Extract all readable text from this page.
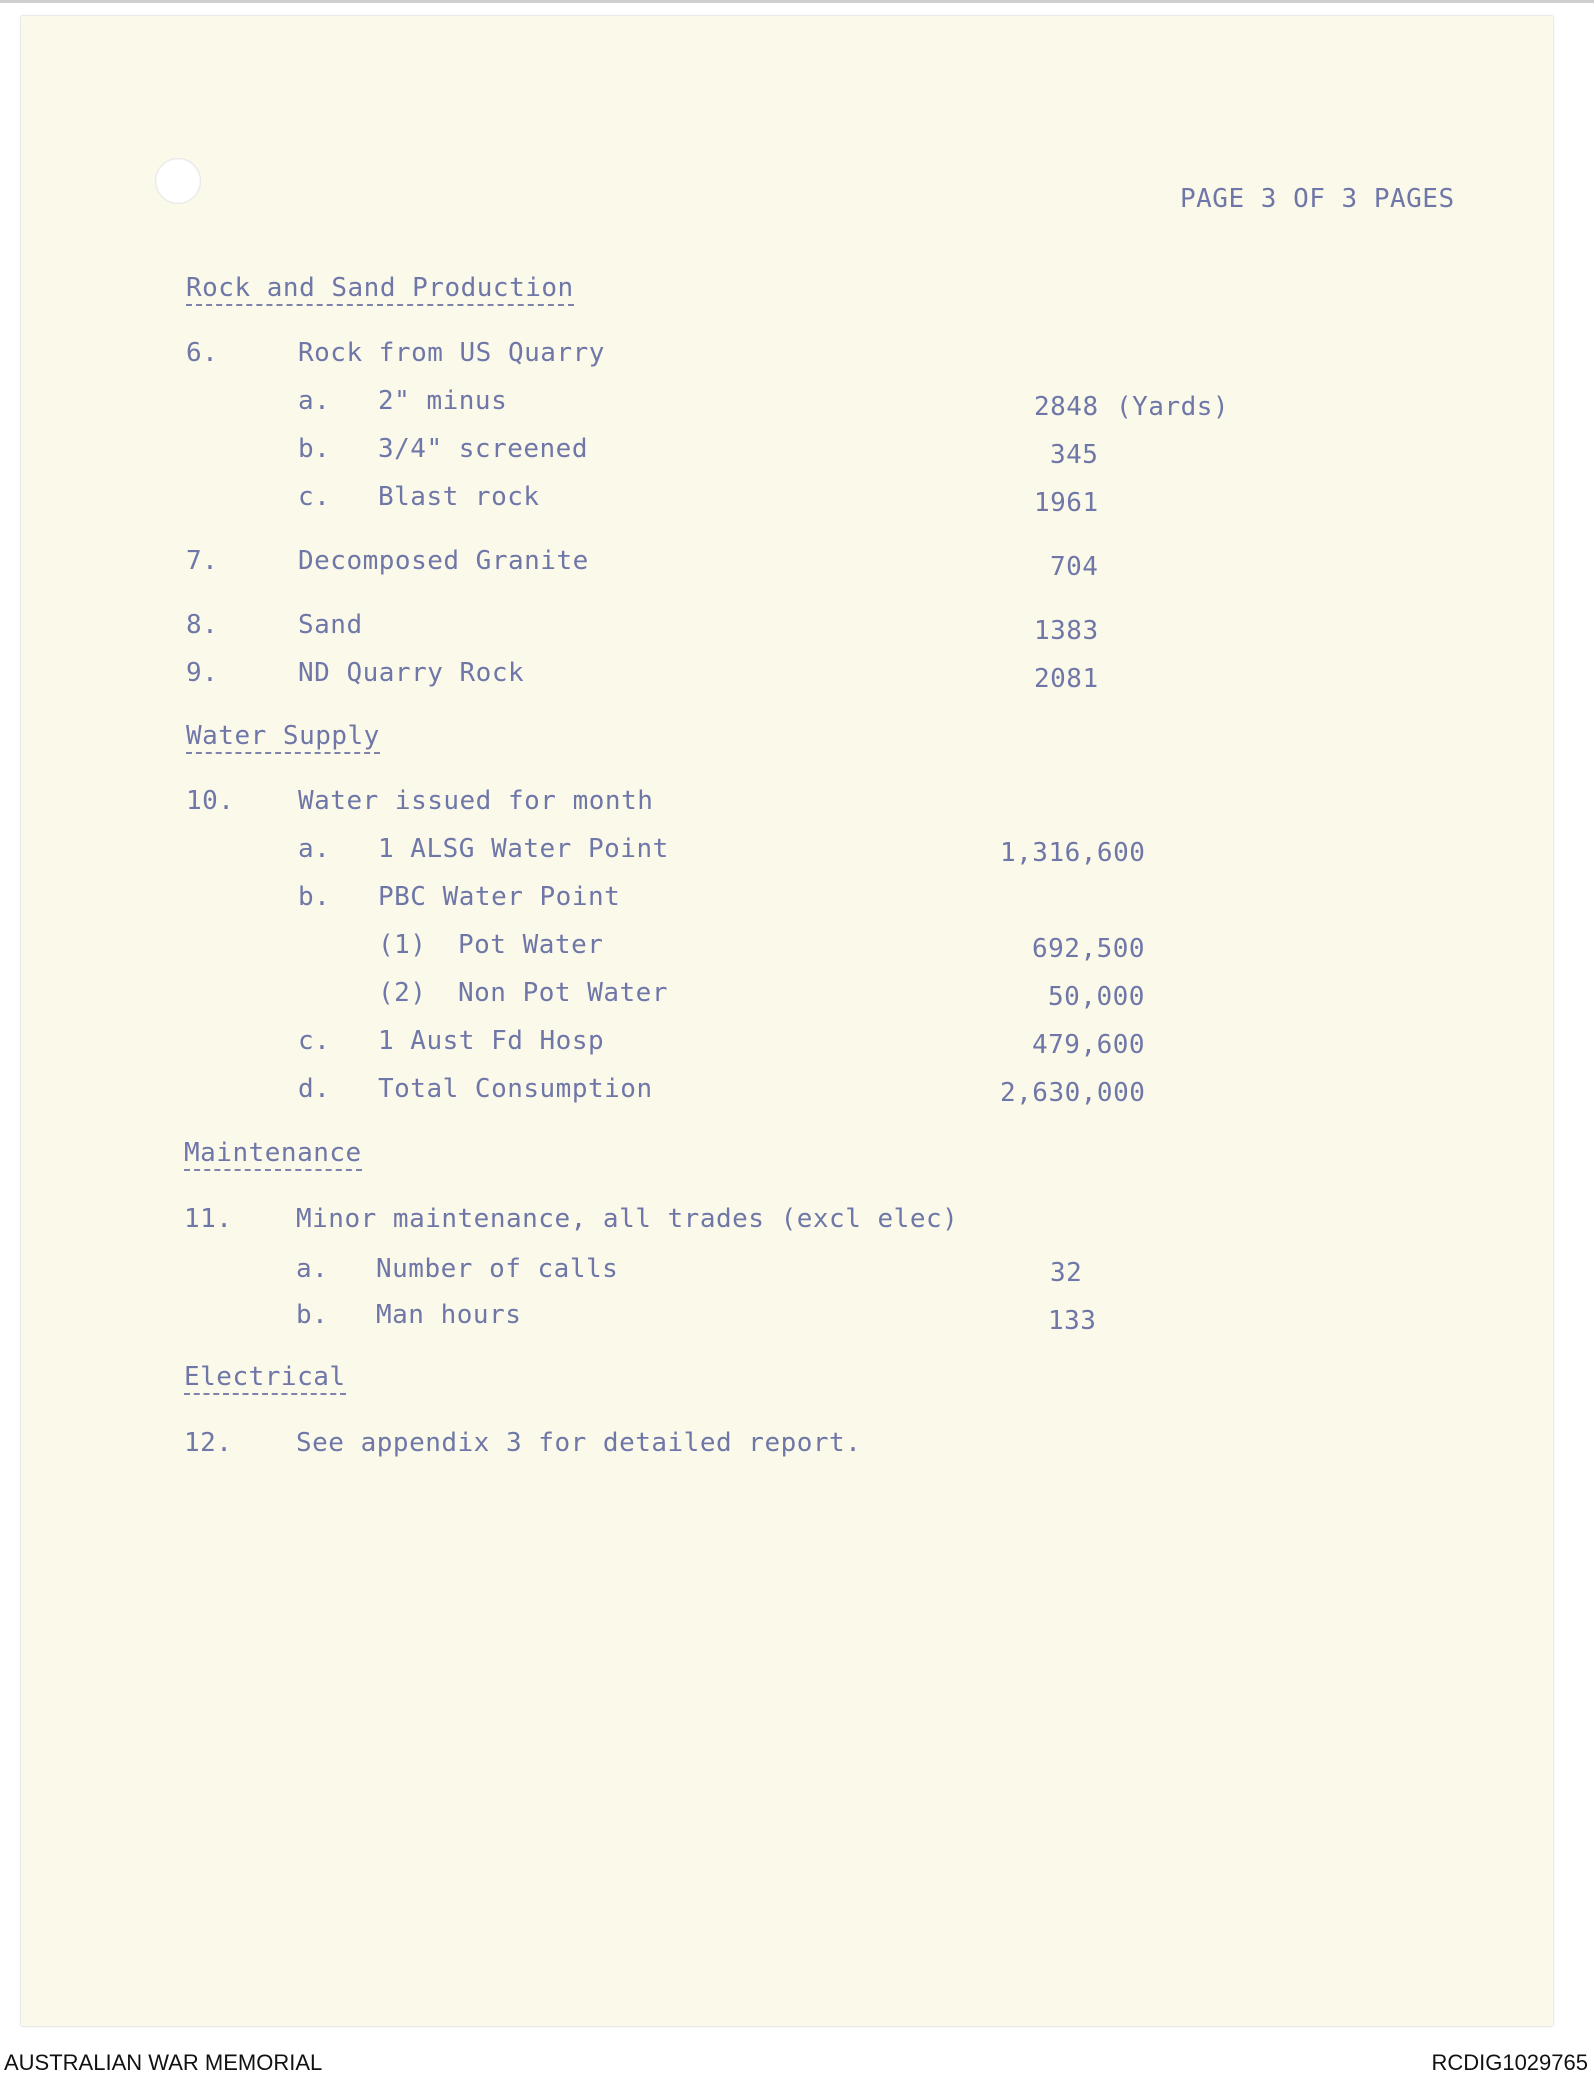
PAGE 3 OF 3 PAGES
Rock and Sand Production
6.	Rock from US Quarry
a. 2" minus	2848 (Yards)
b. 3/4" screened	345
c. Blast rock	1961
7.	Decomposed Granite	704
8.	Sand	1383
9.	ND Quarry Rock	2081
Water Supply
10. Water issued for month
a. 1 ALSG Water Point	1,316,600
b. PBC Water Point
(1) Pot Water	692,500
(2) Non Pot Water	50,000
c. 1 Aust Fd Hosp	479,600
d. Total Consumption	2,630,000
Maintenance
11. Minor maintenance, all trades (excl elec)
a. Number of calls	32
b. Man hours	133
Electrical
12. See appendix 3 for detailed report.
AUSTRALIAN WAR MEMORIAL	RCDIG1029765
